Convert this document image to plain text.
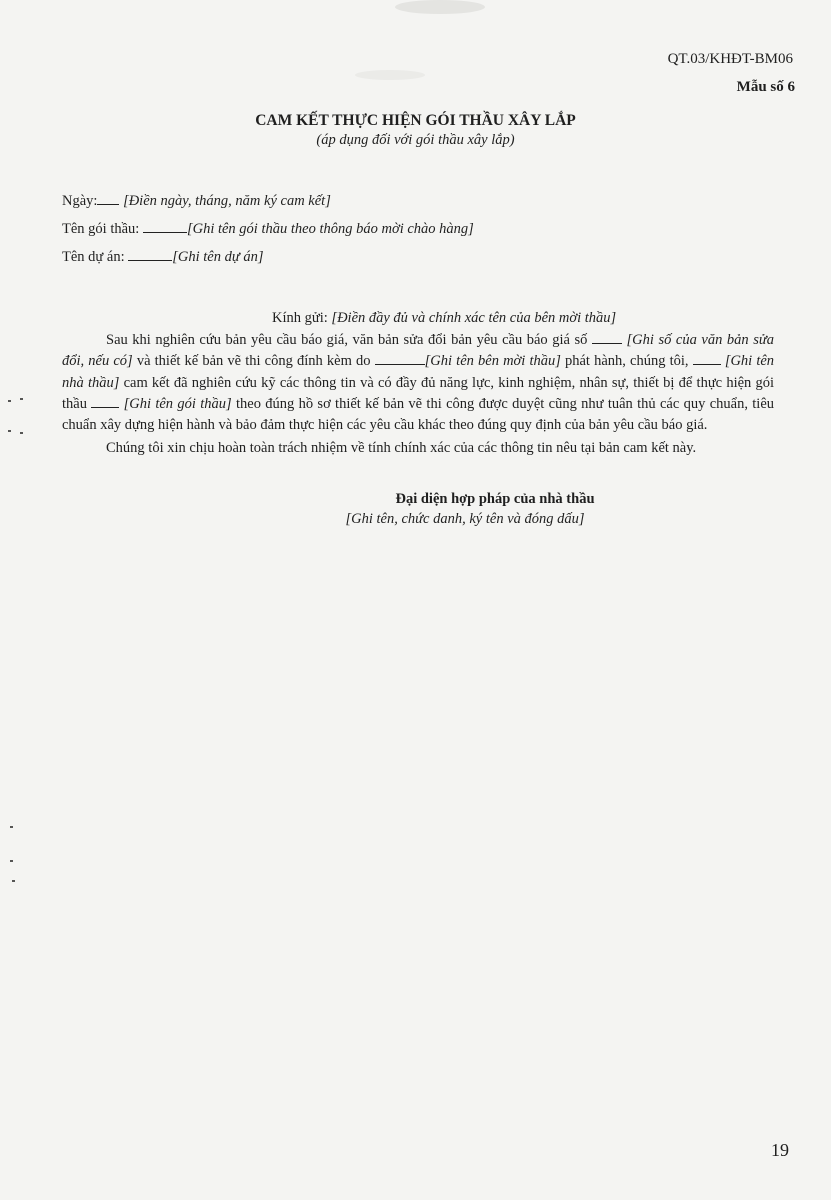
QT.03/KHĐT-BM06
Mẫu số 6
CAM KẾT THỰC HIỆN GÓI THẦU XÂY LẮP
(áp dụng đối với gói thầu xây lắp)
Ngày: [Điền ngày, tháng, năm ký cam kết]
Tên gói thầu:	[Ghi tên gói thầu theo thông báo mời chào hàng]
Tên dự án:	[Ghi tên dự án]
Kính gửi: [Điền đầy đủ và chính xác tên của bên mời thầu]
Sau khi nghiên cứu bản yêu cầu báo giá, văn bản sửa đổi bản yêu cầu báo giá số	[Ghi số của văn bản sửa đổi, nếu có] và thiết kế bản vẽ thi công đính kèm do	[Ghi tên bên mời thầu] phát hành, chúng tôi,	[Ghi tên nhà thầu] cam kết đã nghiên cứu kỹ các thông tin và có đầy đủ năng lực, kinh nghiệm, nhân sự, thiết bị để thực hiện gói thầu	[Ghi tên gói thầu] theo đúng hồ sơ thiết kế bản vẽ thi công được duyệt cũng như tuân thủ các quy chuẩn, tiêu chuẩn xây dựng hiện hành và bảo đảm thực hiện các yêu cầu khác theo đúng quy định của bản yêu cầu báo giá.
Chúng tôi xin chịu hoàn toàn trách nhiệm về tính chính xác của các thông tin nêu tại bản cam kết này.
Đại diện hợp pháp của nhà thầu
[Ghi tên, chức danh, ký tên và đóng dấu]
19
